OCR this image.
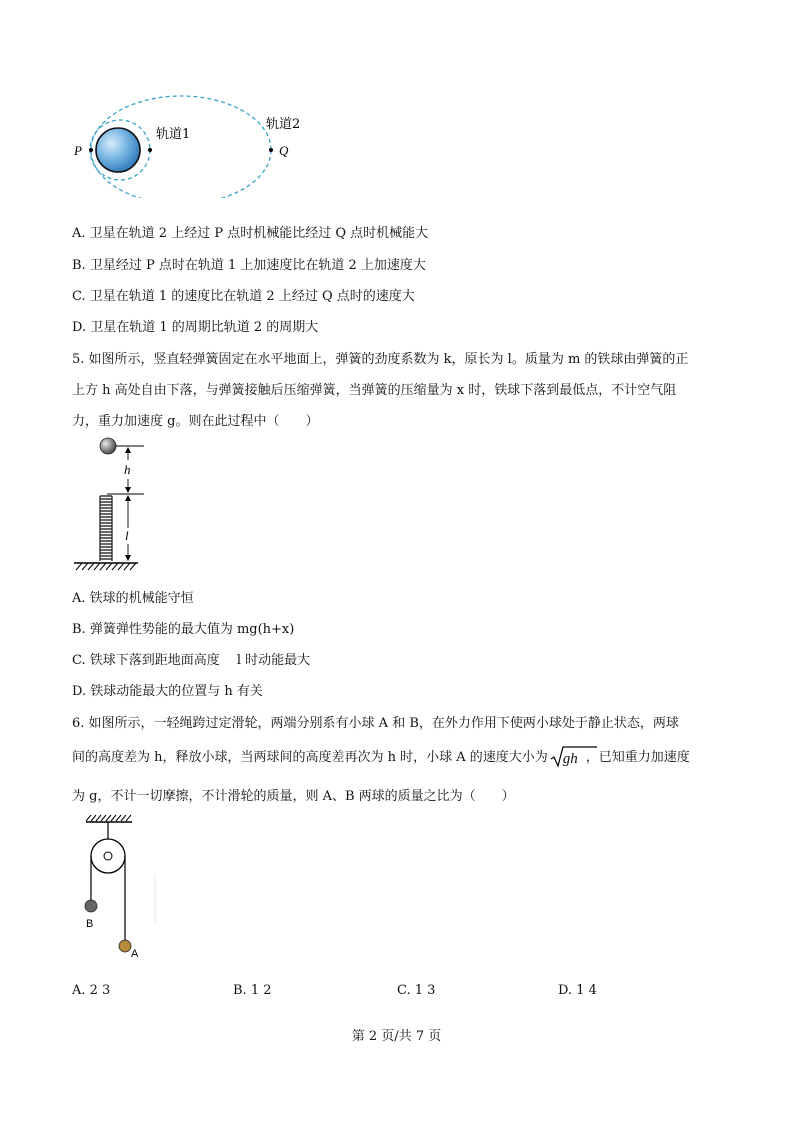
P	Q
轨道1
轨道2
A. 卫星在轨道 2 上经过 P 点时机械能比经过 Q 点时机械能大
B. 卫星经过 P 点时在轨道 1 上加速度比在轨道 2 上加速度大
C. 卫星在轨道 1 的速度比在轨道 2 上经过 Q 点时的速度大
D. 卫星在轨道 1 的周期比轨道 2 的周期大
5. 如图所示，竖直轻弹簧固定在水平地面上，弹簧的劲度系数为 k，原长为 l。质量为 m 的铁球由弹簧的正
上方 h 高处自由下落，与弹簧接触后压缩弹簧，当弹簧的压缩量为 x 时，铁球下落到最低点，不计空气阻
力，重力加速度 g。则在此过程中（　　）
h
l
A. 铁球的机械能守恒
B. 弹簧弹性势能的最大值为 mg(h+x)
C. 铁球下落到距地面高度　 l 时动能最大
D. 铁球动能最大的位置与 h 有关
6. 如图所示，一轻绳跨过定滑轮，两端分别系有小球 A 和 B，在外力作用下使两小球处于静止状态，两球
间的高度差为 h，释放小球，当两球间的高度差再次为 h 时，小球 A 的速度大小为 gh ，已知重力加速度
为 g，不计一切摩擦，不计滑轮的质量，则 A、B 两球的质量之比为（　　）
B
A
A. 2 3	B. 1 2	C. 1 3	D. 1 4
第 2 页/共 7 页
